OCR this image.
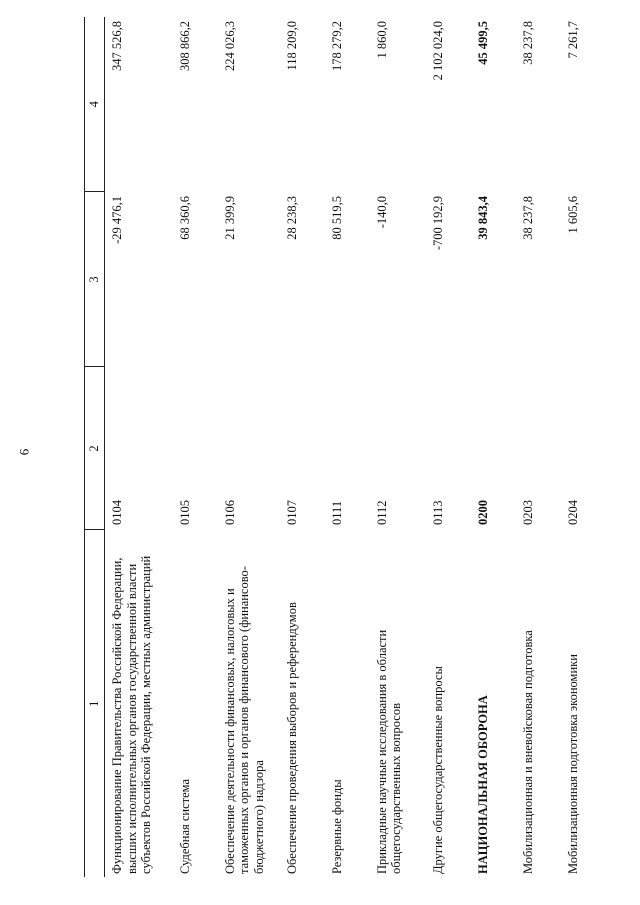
9
1	2	3	4
Функционирование Правительства Российской Федерации, высших исполнительных органов государственной власти субъектов Российской Федерации, местных администраций	0104	-29 476,1	347 526,8
Судебная система	0105	68 360,6	308 866,2
Обеспечение деятельности финансовых, налоговых и таможенных органов и органов финансового (финансово-бюджетного) надзора	0106	21 399,9	224 026,3
Обеспечение проведения выборов и референдумов	0107	28 238,3	118 209,0
Резервные фонды	0111	80 519,5	178 279,2
Прикладные научные исследования в области общегосударственных вопросов	0112	-140,0	1 860,0
Другие общегосударственные вопросы	0113	-700 192,9	2 102 024,0
НАЦИОНАЛЬНАЯ ОБОРОНА	0200	39 843,4	45 499,5
Мобилизационная и вневойсковая подготовка	0203	38 237,8	38 237,8
Мобилизационная подготовка экономики	0204	1 605,6	7 261,7
